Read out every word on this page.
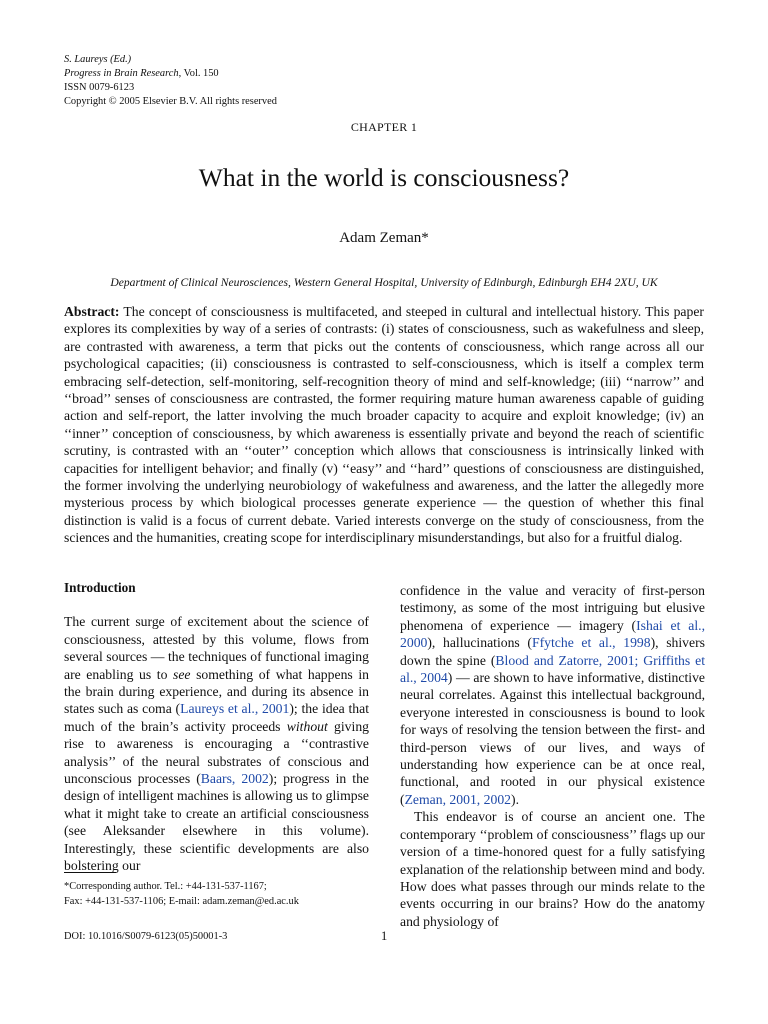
S. Laureys (Ed.)
Progress in Brain Research, Vol. 150
ISSN 0079-6123
Copyright © 2005 Elsevier B.V. All rights reserved
CHAPTER 1
What in the world is consciousness?
Adam Zeman*
Department of Clinical Neurosciences, Western General Hospital, University of Edinburgh, Edinburgh EH4 2XU, UK
Abstract: The concept of consciousness is multifaceted, and steeped in cultural and intellectual history. This paper explores its complexities by way of a series of contrasts: (i) states of consciousness, such as wakefulness and sleep, are contrasted with awareness, a term that picks out the contents of consciousness, which range across all our psychological capacities; (ii) consciousness is contrasted to self-consciousness, which is itself a complex term embracing self-detection, self-monitoring, self-recognition theory of mind and self-knowledge; (iii) ‘‘narrow’’ and ‘‘broad’’ senses of consciousness are contrasted, the former requiring mature human awareness capable of guiding action and self-report, the latter involving the much broader capacity to acquire and exploit knowledge; (iv) an ‘‘inner’’ conception of consciousness, by which awareness is essentially private and beyond the reach of scientific scrutiny, is contrasted with an ‘‘outer’’ conception which allows that consciousness is intrinsically linked with capacities for intelligent behavior; and finally (v) ‘‘easy’’ and ‘‘hard’’ questions of consciousness are distinguished, the former involving the underlying neurobiology of wakefulness and awareness, and the latter the allegedly more mysterious process by which biological processes generate experience — the question of whether this final distinction is valid is a focus of current debate. Varied interests converge on the study of consciousness, from the sciences and the humanities, creating scope for interdisciplinary misunderstandings, but also for a fruitful dialog.
Introduction
The current surge of excitement about the science of consciousness, attested by this volume, flows from several sources — the techniques of functional imaging are enabling us to see something of what happens in the brain during experience, and during its absence in states such as coma (Laureys et al., 2001); the idea that much of the brain’s activity proceeds without giving rise to awareness is encouraging a ‘‘contrastive analysis’’ of the neural substrates of conscious and unconscious processes (Baars, 2002); progress in the design of intelligent machines is allowing us to glimpse what it might take to create an artificial consciousness (see Aleksander elsewhere in this volume). Interestingly, these scientific developments are also bolstering our
confidence in the value and veracity of first-person testimony, as some of the most intriguing but elusive phenomena of experience — imagery (Ishai et al., 2000), hallucinations (Ffytche et al., 1998), shivers down the spine (Blood and Zatorre, 2001; Griffiths et al., 2004) — are shown to have informative, distinctive neural correlates. Against this intellectual background, everyone interested in consciousness is bound to look for ways of resolving the tension between the first- and third-person views of our lives, and ways of understanding how experience can be at once real, functional, and rooted in our physical existence (Zeman, 2001, 2002).
This endeavor is of course an ancient one. The contemporary ‘‘problem of consciousness’’ flags up our version of a time-honored quest for a fully satisfying explanation of the relationship between mind and body. How does what passes through our minds relate to the events occurring in our brains? How do the anatomy and physiology of
*Corresponding author. Tel.: +44-131-537-1167;
Fax: +44-131-537-1106; E-mail: adam.zeman@ed.ac.uk
DOI: 10.1016/S0079-6123(05)50001-3	1
